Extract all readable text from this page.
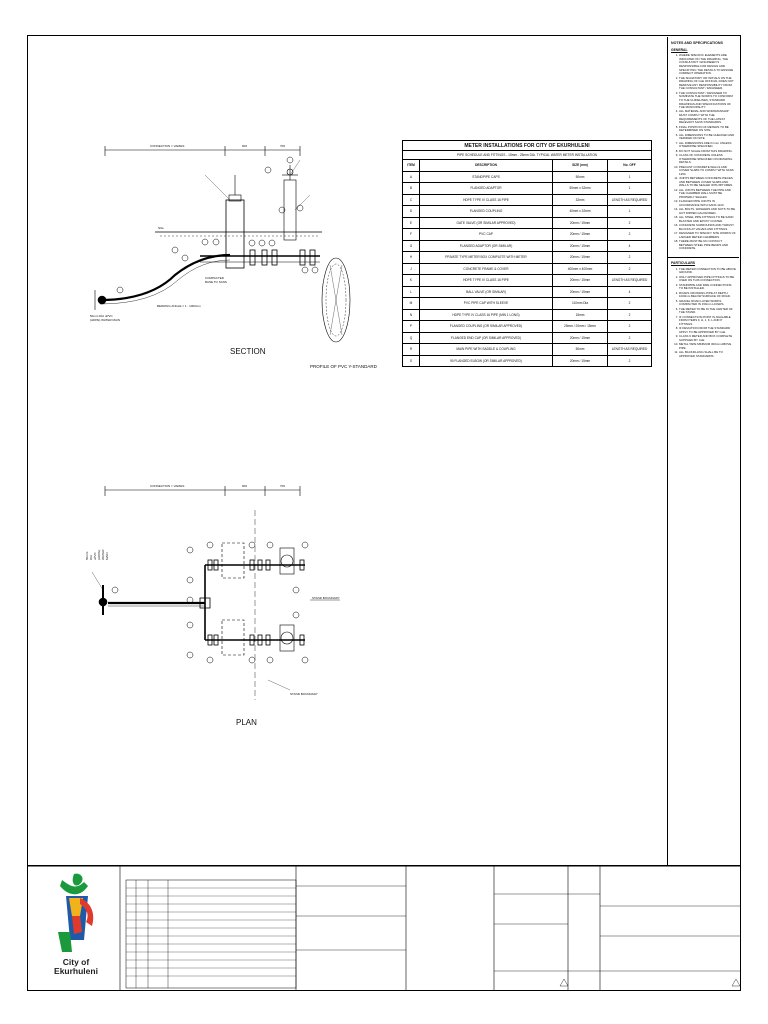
SECTION
PROFILE OF PVC Y-STANDARD
PLAN
CONNECTION = VARIES	600	700
NGL
COMPACTED BASE TO SANS
50mm DIA uPVC (HDPE) WATER MAIN
BEDDING ANGLE = 1 : 1000mm
CONNECTION = VARIES	600	700
50mm DIA uPVC (HDPE) WATER MAIN
STAND BOUNDARY
STAND BOUNDARY
METER INSTALLATIONS FOR CITY OF EKURHULENI			
PIPE SCHEDULE AND FITTINGS - 15mm - 25mm DIA. TYPICAL WATER METER INSTALLATION			
ITEM	DESCRIPTION	SIZE (mm)	No. OFF
A	STANDPIPE CAPS	50mm	1
B	FLANGED ADAPTOR	50mm x 32mm	1
C	HDPE TYPE IV CLASS 16 PIPE	32mm	LENGTH AS REQUIRED
D	FLANGED COUPLING	40mm x 32mm	1
E	GATE VALVE (OR SIMILAR APPROVED)	20mm / 15mm	2
F	PVC CAP	20mm / 15mm	2
G	FLANGED ADAPTOR (OR SIMILAR)	20mm / 15mm	4
H	PRIVATE TYPE METER BOX COMPLETE WITH METER	20mm / 15mm	2
J	CONCRETE FRAME & COVER	400mm x 400mm	2
K	HDPE TYPE IV CLASS 16 PIPE	20mm / 15mm	LENGTH AS REQUIRED
L	BALL VALVE (OR SIMILAR)	20mm / 15mm	4
M	PVC PIPE CAP WITH SLEEVE	110mm Dia	2
N	HDPE TYPE IV CLASS 16 PIPE (MIN 1 LONG)	15mm	2
P	FLANGED COUPLING (OR SIMILAR APPROVED)	25mm / 20mm / 15mm	2
Q	FLANGED END CAP (OR SIMILAR APPROVED)	20mm / 15mm	2
R	MAIN PIPE WITH SADDLE & COUPLING	50mm	LENGTH AS REQUIRED
S	90 FLANGED ELBOW (OR SIMILAR APPROVED)	20mm / 15mm	2
NOTES AND SPECIFICATIONS
GENERAL
1. WHERE SPECIFIC ELEMENTS ARE INDICATED ON THE DRAWING, THE CONSULTANT / ENGINEER IS RESPONSIBLE FOR DESIGN AND SPECIFYING THE DETAILS TO ENSURE CORRECT OPERATION.
2. THE SIGNATORY OR INITIALS ON THE DRAWING OF CoE OFFICIAL DOES NOT REMOVE ANY RESPONSIBILITY FROM THE CONSULTANT / ENGINEER.
3. THE CONSULTANT / DESIGNER TO NOMINATE THE WORKS TO CONFORM TO THE GUIDELINES, STANDARD DRAWINGS AND SPECIFICATIONS OF THE MUNICIPALITY.
4. ALL MATERIAL AND WORKMANSHIP MUST COMPLY WITH THE REQUIREMENTS OF THE LATEST RELEVANT SANS STANDARDS.
5. FINAL POSITION OF METERS TO BE DETERMINED ON SITE.
6. ALL DIMENSIONS TO BE CHECKED AND VERIFIED ON SITE.
7. ALL DIMENSIONS ARE IN mm UNLESS OTHERWISE SPECIFIED.
8. DO NOT SCALE FROM THIS DRAWING.
9. CLASS OF CONCRETE UNLESS OTHERWISE SPECIFIED ON DRAWING DETAILS.
10. PRECAST CONCRETE WALLS AND COVER SLABS TO COMPLY WITH SANS 1294.
11. JOINTS BETWEEN CONCRETE PIECES AND BETWEEN COVER SLABS AND WALLS TO BE SEALED WITH BITUMEN.
12. ALL JOINTS BETWEEN THE PIPE AND THE CHAMBER WALL MUST BE PROPERLY SEALED.
13. FLANGED PIPE JOINTS IN ACCORDANCE WITH SANS 1123.
14. ALL BOLTS, WASHERS AND NUTS TO BE HOT DIPPED GALVANISED.
15. ALL STEEL PIPE FITTINGS TO BE SAND BLASTED AND EPOXY COATED.
16. CONCRETE SURROUNDS AND THRUST BLOCKS AT VALVES AND FITTINGS.
17. DESIGNER TO SPECIFY SITE WORKS OF LARGER METER CHAMBERS.
18. THERE MUST BE NO CONTACT BETWEEN STEEL PIPE BENDS AND CONCRETE.
PARTICULARS
1. THE METER CONNECTION TO BE ABOVE GROUND.
2. ONLY APPROVED PIPE FITTINGS TO BE USED ON THIS CONNECTION.
3. STANDPIPE AND FIRE CONNECTIONS TO BE INSTALLED.
4. ROADS CROSSING PIPE AT DEPTH 1000mm BELOW SURFACE OF ROAD.
5. GRAVEL ROAD LAYER WORKS COMPACTED IN 150mm LAYERS.
6. THE METER TO BE IN THE CENTER OF THE STAND.
7. IF CONNECTION POINT IS AVAILABLE FROM ITEMS F, H, J, K, L AND P FITTINGS.
8. IF DEVIATION FROM THE STANDARD APPLY TO BE APPROVED BY CoE.
9. CLASS 9 METER AND BOX COMPLETE SUPPLIED BY CoE.
10. METAL TAPE MINIMUM 300mm ABOVE PIPE.
11. ALL BACKFILLING SHALL BE TO APPROVED STANDARDS.
City of
Ekurhuleni
